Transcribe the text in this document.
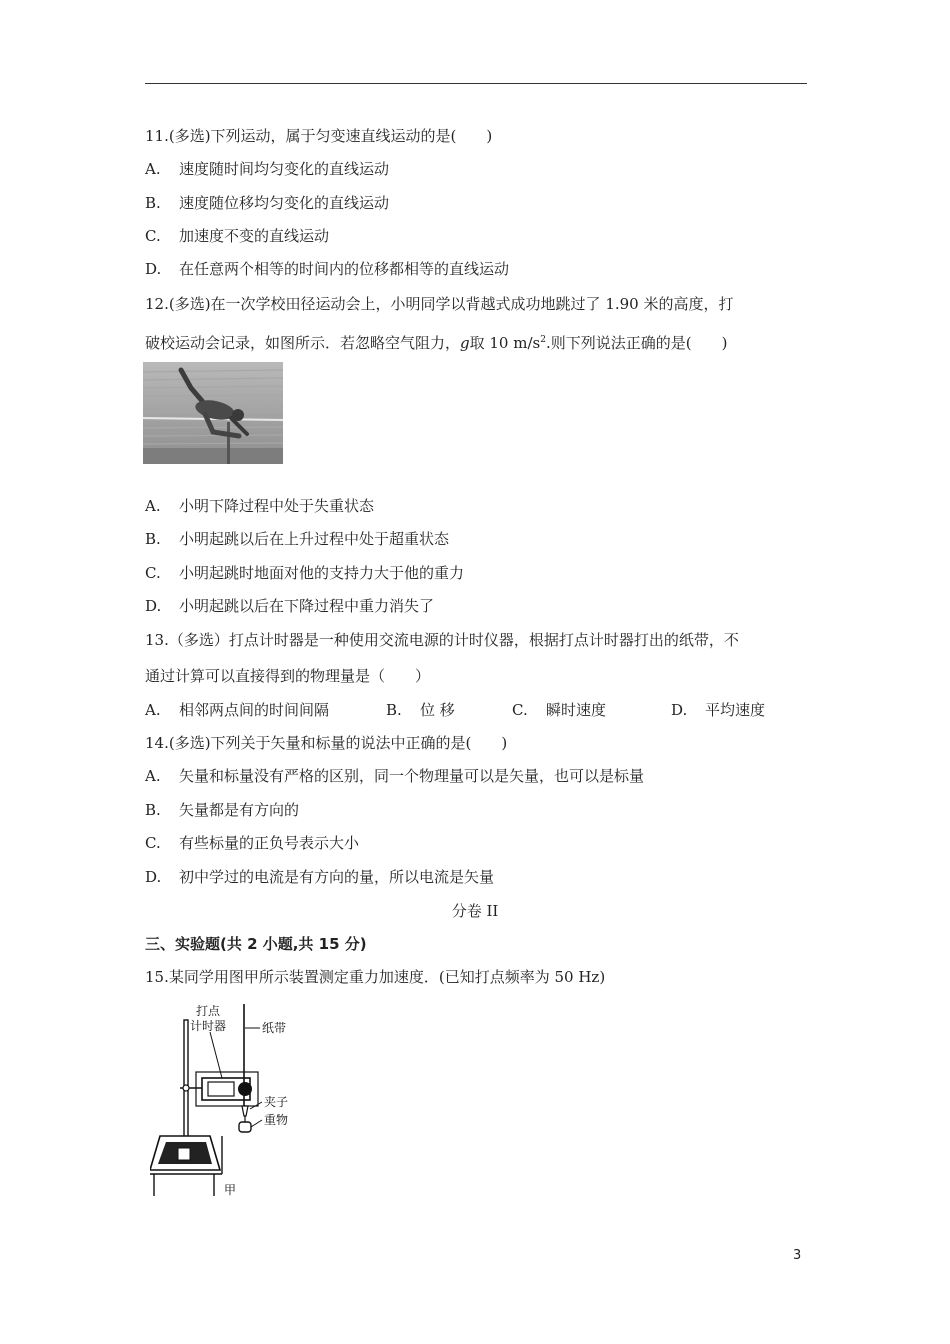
11.(多选)下列运动，属于匀变速直线运动的是(　　)
A. 速度随时间均匀变化的直线运动
B. 速度随位移均匀变化的直线运动
C. 加速度不变的直线运动
D. 在任意两个相等的时间内的位移都相等的直线运动
12.(多选)在一次学校田径运动会上，小明同学以背越式成功地跳过了 1.90 米的高度，打
破校运动会记录，如图所示．若忽略空气阻力，g取 10 $m/s^2$.则下列说法正确的是(　　)
A. 小明下降过程中处于失重状态
B. 小明起跳以后在上升过程中处于超重状态
C. 小明起跳时地面对他的支持力大于他的重力
D. 小明起跳以后在下降过程中重力消失了
13.（多选）打点计时器是一种使用交流电源的计时仪器，根据打点计时器打出的纸带，不
通过计算可以直接得到的物理量是（　　）
A. 相邻两点间的时间间隔	B. 位 移	C. 瞬时速度	D. 平均速度
14.(多选)下列关于矢量和标量的说法中正确的是(　　)
A. 矢量和标量没有严格的区别，同一个物理量可以是矢量，也可以是标量
B. 矢量都是有方向的
C. 有些标量的正负号表示大小
D. 初中学过的电流是有方向的量，所以电流是矢量
分卷 II
三、实验题(共 2 小题,共 15 分)
15.某同学用图甲所示装置测定重力加速度．(已知打点频率为 50 Hz)
打点
计时器	纸带
夹子
重物
甲
3
